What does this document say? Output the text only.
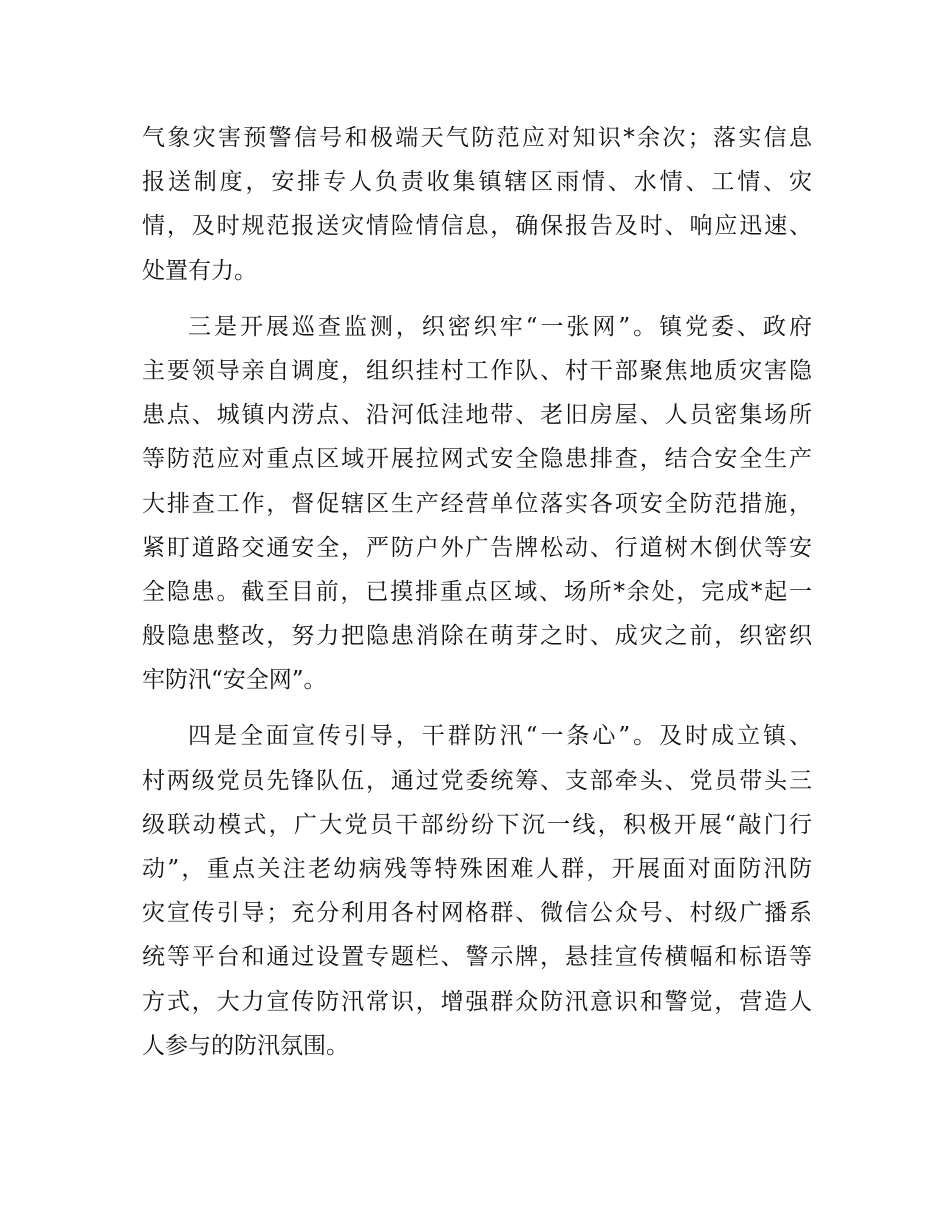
气象灾害预警信号和极端天气防范应对知识*余次；落实信息
报送制度，安排专人负责收集镇辖区雨情、水情、工情、灾
情，及时规范报送灾情险情信息，确保报告及时、响应迅速、
处置有力。
三是开展巡查监测，织密织牢“一张网”。镇党委、政府
主要领导亲自调度，组织挂村工作队、村干部聚焦地质灾害隐
患点、城镇内涝点、沿河低洼地带、老旧房屋、人员密集场所
等防范应对重点区域开展拉网式安全隐患排查，结合安全生产
大排查工作，督促辖区生产经营单位落实各项安全防范措施，
紧盯道路交通安全，严防户外广告牌松动、行道树木倒伏等安
全隐患。截至目前，已摸排重点区域、场所*余处，完成*起一
般隐患整改，努力把隐患消除在萌芽之时、成灾之前，织密织
牢防汛“安全网”。
四是全面宣传引导，干群防汛“一条心”。及时成立镇、
村两级党员先锋队伍，通过党委统筹、支部牵头、党员带头三
级联动模式，广大党员干部纷纷下沉一线，积极开展“敲门行
动”，重点关注老幼病残等特殊困难人群，开展面对面防汛防
灾宣传引导；充分利用各村网格群、微信公众号、村级广播系
统等平台和通过设置专题栏、警示牌，悬挂宣传横幅和标语等
方式，大力宣传防汛常识，增强群众防汛意识和警觉，营造人
人参与的防汛氛围。
